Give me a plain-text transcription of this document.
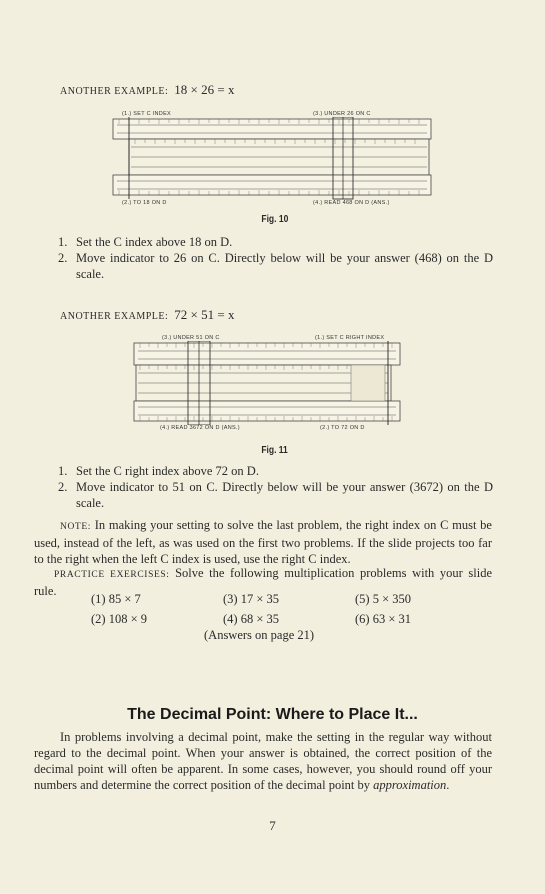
ANOTHER EXAMPLE: 18 × 26 = x
(1.) SET C INDEX	(3.) UNDER 26 ON C
(2.) TO 18 ON D	(4.) READ 468 ON D (ANS.)
Fig. 10
1. Set the C index above 18 on D.
2. Move indicator to 26 on C. Directly below will be your answer (468) on the D scale.
ANOTHER EXAMPLE: 72 × 51 = x
(3.) UNDER 51 ON C	(1.) SET C RIGHT INDEX
(4.) READ 3672 ON D (ANS.)	(2.) TO 72 ON D
Fig. 11
1. Set the C right index above 72 on D.
2. Move indicator to 51 on C. Directly below will be your answer (3672) on the D scale.
NOTE: In making your setting to solve the last problem, the right index on C must be used, instead of the left, as was used on the first two problems. If the slide projects too far to the right when the left C index is used, use the right C index.
PRACTICE EXERCISES: Solve the following multiplication problems with your slide rule.
(1) 85 × 7	(3) 17 × 35	(5) 5 × 350
(2) 108 × 9	(4) 68 × 35	(6) 63 × 31
(Answers on page 21)
The Decimal Point: Where to Place It...
In problems involving a decimal point, make the setting in the regular way without regard to the decimal point. When your answer is obtained, the correct position of the decimal point will often be apparent. In some cases, however, you should round off your numbers and determine the correct position of the decimal point by approximation.
7
